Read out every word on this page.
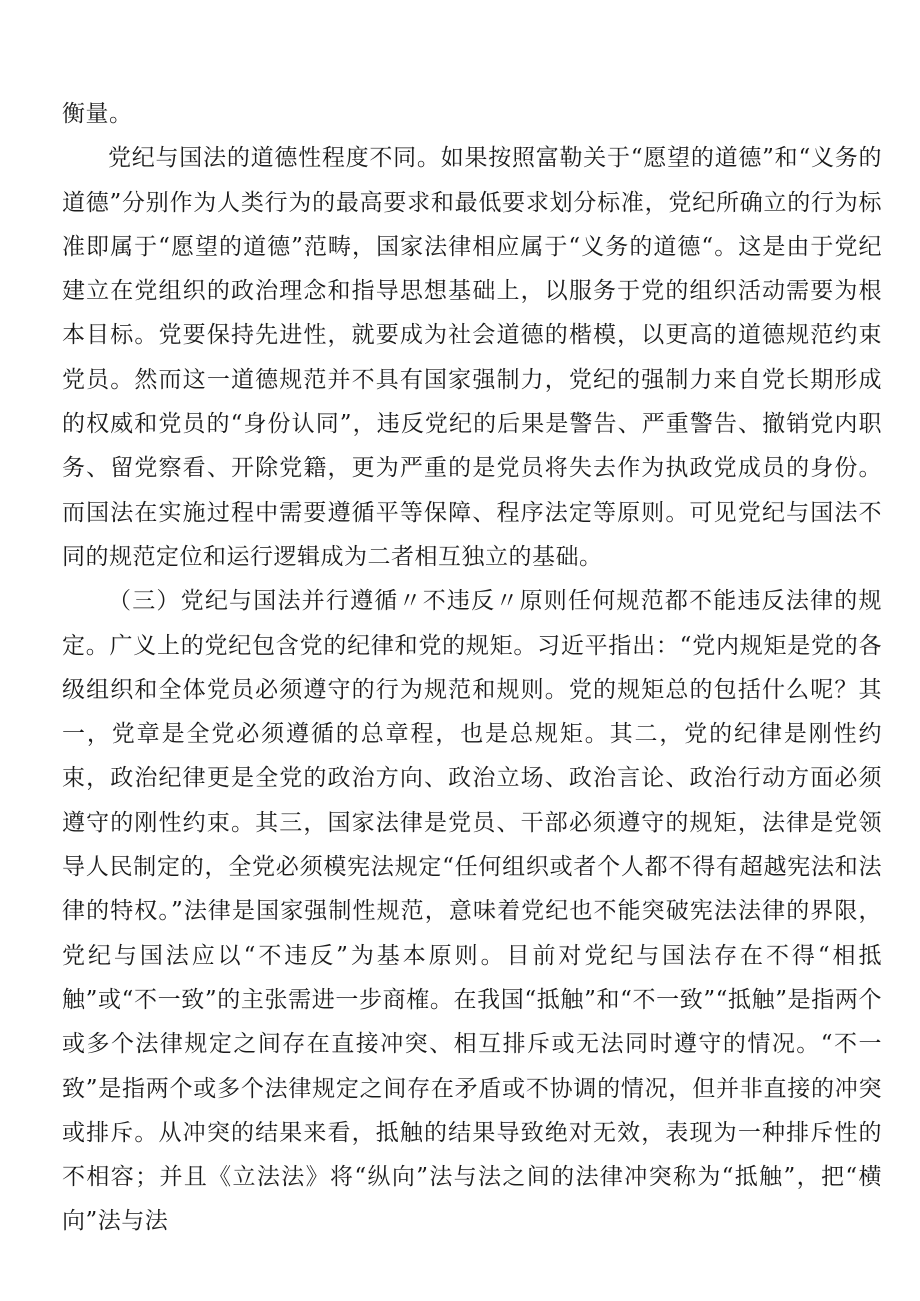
衡量。

党纪与国法的道德性程度不同。如果按照富勒关于“愿望的道德”和“义务的道德”分别作为人类行为的最高要求和最低要求划分标准，党纪所确立的行为标准即属于“愿望的道德”范畴，国家法律相应属于“义务的道德“。这是由于党纪建立在党组织的政治理念和指导思想基础上，以服务于党的组织活动需要为根本目标。党要保持先进性，就要成为社会道德的楷模，以更高的道德规范约束党员。然而这一道德规范并不具有国家强制力，党纪的强制力来自党长期形成的权威和党员的“身份认同”，违反党纪的后果是警告、严重警告、撤销党内职务、留党察看、开除党籍，更为严重的是党员将失去作为执政党成员的身份。而国法在实施过程中需要遵循平等保障、程序法定等原则。可见党纪与国法不同的规范定位和运行逻辑成为二者相互独立的基础。

（三）党纪与国法并行遵循〃不违反〃原则任何规范都不能违反法律的规定。广义上的党纪包含党的纪律和党的规矩。习近平指出：“党内规矩是党的各级组织和全体党员必须遵守的行为规范和规则。党的规矩总的包括什么呢？其一，党章是全党必须遵循的总章程，也是总规矩。其二，党的纪律是刚性约束，政治纪律更是全党的政治方向、政治立场、政治言论、政治行动方面必须遵守的刚性约束。其三，国家法律是党员、干部必须遵守的规矩，法律是党领导人民制定的，全党必须模宪法规定“任何组织或者个人都不得有超越宪法和法律的特权。”法律是国家强制性规范，意味着党纪也不能突破宪法法律的界限，党纪与国法应以“不违反”为基本原则。目前对党纪与国法存在不得“相抵触”或“不一致”的主张需进一步商榷。在我国“抵触”和“不一致”“抵触”是指两个或多个法律规定之间存在直接冲突、相互排斥或无法同时遵守的情况。“不一致”是指两个或多个法律规定之间存在矛盾或不协调的情况，但并非直接的冲突或排斥。从冲突的结果来看，抵触的结果导致绝对无效，表现为一种排斥性的不相容；并且《立法法》将“纵向”法与法之间的法律冲突称为“抵触”，把“横向”法与法
